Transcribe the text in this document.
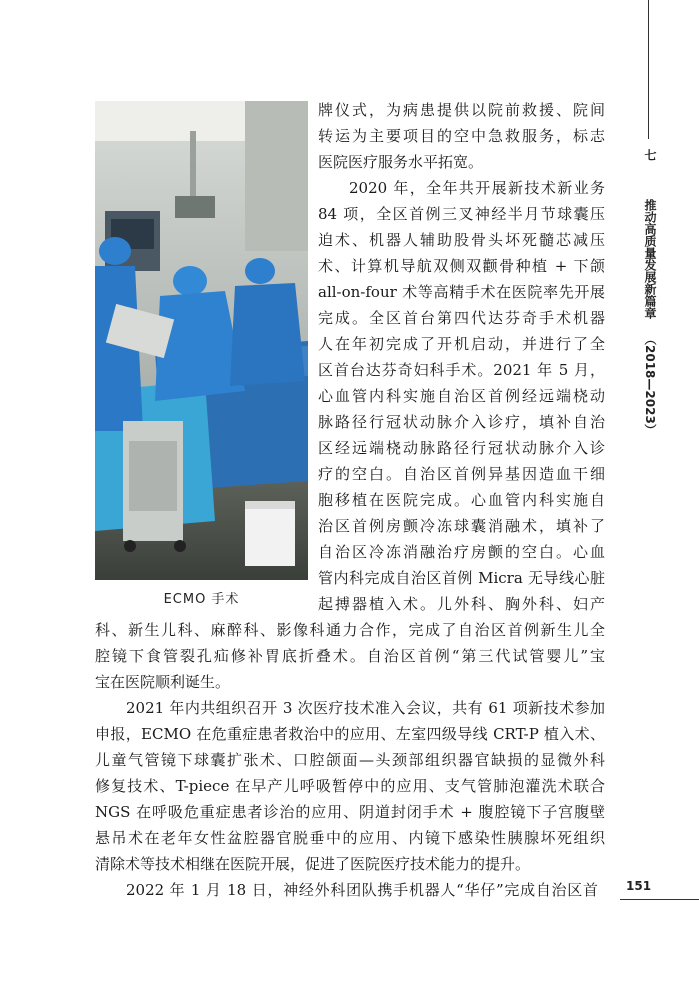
ECMO 手术
牌仪式，为病患提供以院前救援、院间
转运为主要项目的空中急救服务，标志
医院医疗服务水平拓宽。
2020 年，全年共开展新技术新业务
84 项，全区首例三叉神经半月节球囊压
迫术、机器人辅助股骨头坏死髓芯减压
术、计算机导航双侧双颧骨种植 + 下颌
all-on-four 术等高精手术在医院率先开展
完成。全区首台第四代达芬奇手术机器
人在年初完成了开机启动，并进行了全
区首台达芬奇妇科手术。2021 年 5 月，
心血管内科实施自治区首例经远端桡动
脉路径行冠状动脉介入诊疗，填补自治
区经远端桡动脉路径行冠状动脉介入诊
疗的空白。自治区首例异基因造血干细
胞移植在医院完成。心血管内科实施自
治区首例房颤冷冻球囊消融术，填补了
自治区冷冻消融治疗房颤的空白。心血
管内科完成自治区首例 Micra 无导线心脏
起搏器植入术。儿外科、胸外科、妇产
科、新生儿科、麻醉科、影像科通力合作，完成了自治区首例新生儿全
腔镜下食管裂孔疝修补胃底折叠术。自治区首例“第三代试管婴儿”宝
宝在医院顺利诞生。
2021 年内共组织召开 3 次医疗技术准入会议，共有 61 项新技术参加
申报，ECMO 在危重症患者救治中的应用、左室四级导线 CRT-P 植入术、
儿童气管镜下球囊扩张术、口腔颌面—头颈部组织器官缺损的显微外科
修复技术、T-piece 在早产儿呼吸暂停中的应用、支气管肺泡灌洗术联合
NGS 在呼吸危重症患者诊治的应用、阴道封闭手术 + 腹腔镜下子宫腹壁
悬吊术在老年女性盆腔器官脱垂中的应用、内镜下感染性胰腺坏死组织
清除术等技术相继在医院开展，促进了医院医疗技术能力的提升。
2022 年 1 月 18 日，神经外科团队携手机器人“华仔”完成自治区首
七  推动高质量发展新篇章 （2018—2023）
151
